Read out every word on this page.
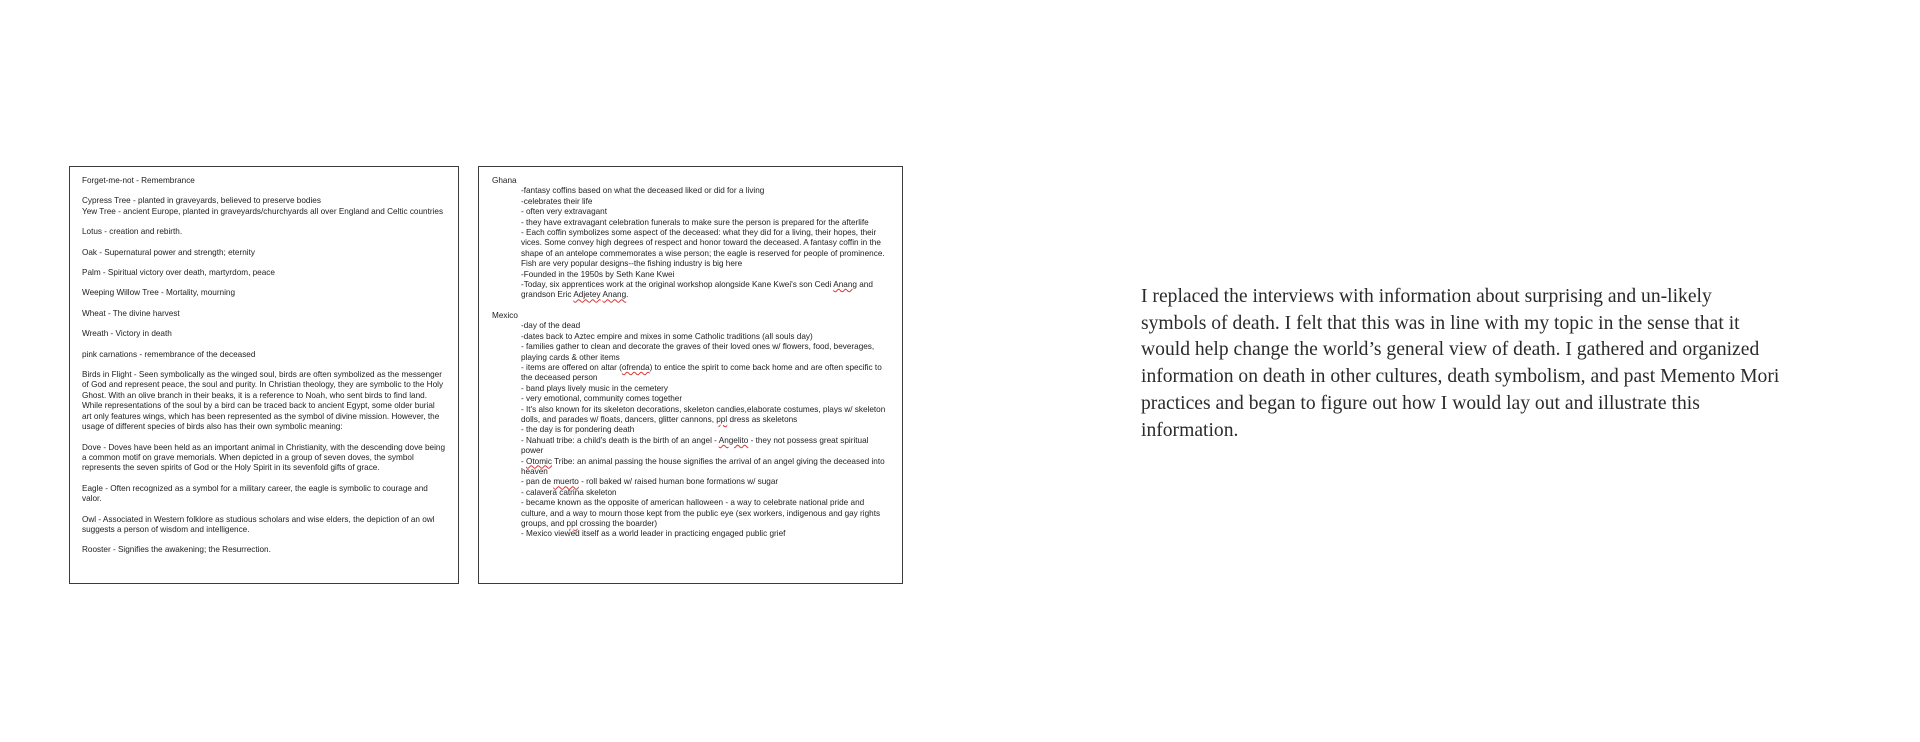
Forget-me-not - Remembrance

Cypress Tree - planted in graveyards, believed to preserve bodies

Yew Tree - ancient Europe, planted in graveyards/churchyards all over England and Celtic countries

Lotus - creation and rebirth.

Oak - Supernatural power and strength; eternity

Palm - Spiritual victory over death, martyrdom, peace

Weeping Willow Tree - Mortality, mourning

Wheat - The divine harvest

Wreath - Victory in death

pink carnations - remembrance of the deceased

Birds in Flight - Seen symbolically as the winged soul, birds are often symbolized as the messenger of God and represent peace, the soul and purity. In Christian theology, they are symbolic to the Holy Ghost. With an olive branch in their beaks, it is a reference to Noah, who sent birds to find land. While representations of the soul by a bird can be traced back to ancient Egypt, some older burial art only features wings, which has been represented as the symbol of divine mission. However, the usage of different species of birds also has their own symbolic meaning:

Dove - Doves have been held as an important animal in Christianity, with the descending dove being a common motif on grave memorials. When depicted in a group of seven doves, the symbol represents the seven spirits of God or the Holy Spirit in its sevenfold gifts of grace.

Eagle - Often recognized as a symbol for a military career, the eagle is symbolic to courage and valor.

Owl - Associated in Western folklore as studious scholars and wise elders, the depiction of an owl suggests a person of wisdom and intelligence.

Rooster - Signifies the awakening; the Resurrection.

Ghana

-fantasy coffins based on what the deceased liked or did for a living

-celebrates their life

- often very extravagant

- they have extravagant celebration funerals to make sure the person is prepared for the afterlife

- Each coffin symbolizes some aspect of the deceased: what they did for a living, their hopes, their vices. Some convey high degrees of respect and honor toward the deceased. A fantasy coffin in the shape of an antelope commemorates a wise person; the eagle is reserved for people of prominence. Fish are very popular designs--the fishing industry is big here

-Founded in the 1950s by Seth Kane Kwei

-Today, six apprentices work at the original workshop alongside Kane Kwei's son Cedi Anang and grandson Eric Adjetey Anang.

Mexico

-day of the dead

-dates back to Aztec empire and mixes in some Catholic traditions (all souls day)

- families gather to clean and decorate the graves of their loved ones w/ flowers, food, beverages, playing cards & other items

- items are offered on altar (ofrenda) to entice the spirit to come back home and are often specific to the deceased person

- band plays lively music in the cemetery

- very emotional, community comes together

- It's also known for its skeleton decorations, skeleton candies,elaborate costumes, plays w/ skeleton dolls, and parades w/ floats, dancers, glitter cannons, ppl dress as skeletons

- the day is for pondering death

- Nahuatl tribe: a child's death is the birth of an angel - Angelito - they not possess great spiritual power

- Otomic Tribe: an animal passing the house signifies the arrival of an angel giving the deceased into heaven

- pan de muerto - roll baked w/ raised human bone formations w/ sugar

- calavera catrina skeleton

- became known as the opposite of american halloween - a way to celebrate national pride and culture, and a way to mourn those kept from the public eye (sex workers, indigenous and gay rights groups, and ppl crossing the boarder)

- Mexico viewed itself as a world leader in practicing engaged public grief

I replaced the interviews with information about surprising and un-likely symbols of death. I felt that this was in line with my topic in the sense that it would help change the world’s general view of death. I gathered and organized information on death in other cultures, death symbolism, and past Memento Mori practices and began to figure out how I would lay out and illustrate this information.
